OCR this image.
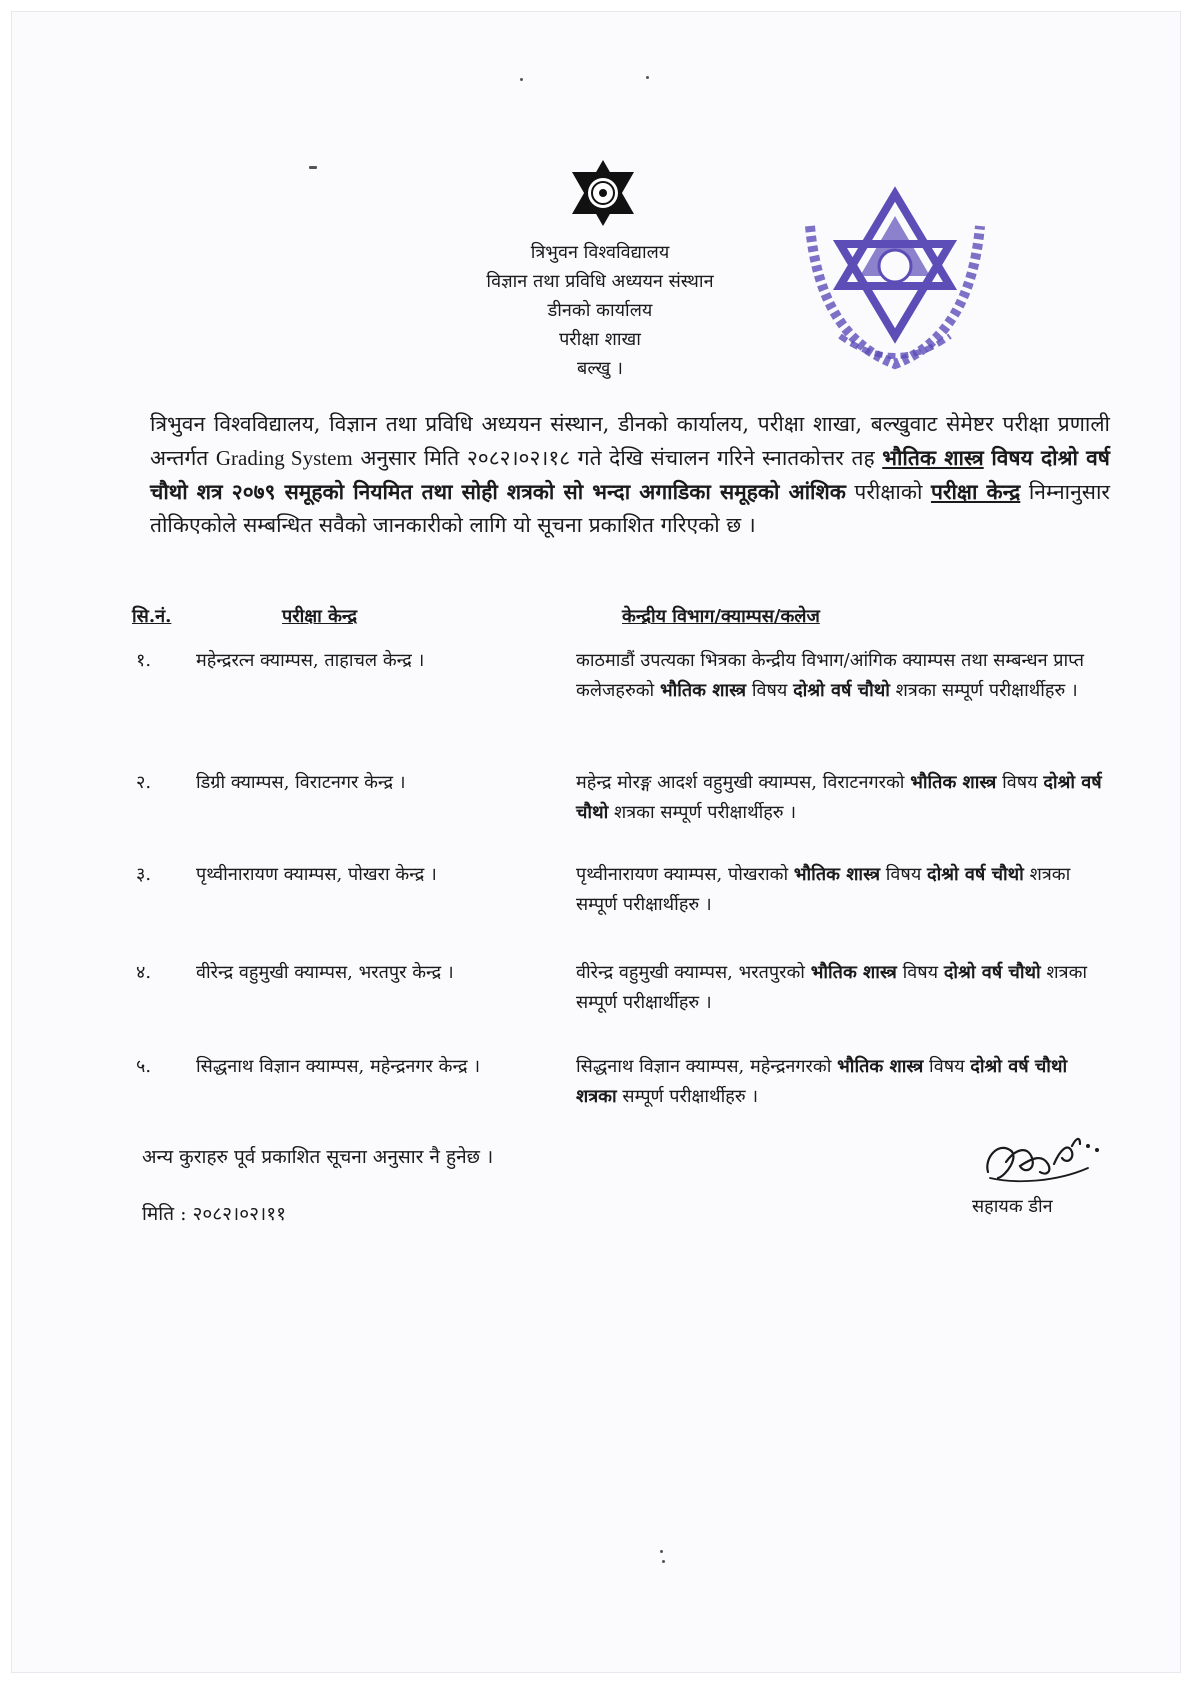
त्रिभुवन विश्वविद्यालय
विज्ञान तथा प्रविधि अध्ययन संस्थान
डीनको कार्यालय
परीक्षा शाखा
बल्खु ।
त्रिभुवन विश्वविद्यालय, विज्ञान तथा प्रविधि अध्ययन संस्थान, डीनको कार्यालय, परीक्षा शाखा, बल्खुवाट सेमेष्टर परीक्षा प्रणाली अन्तर्गत Grading System अनुसार मिति २०८२।०२।१८ गते देखि संचालन गरिने स्नातकोत्तर तह भौतिक शास्त्र विषय दोश्रो वर्ष चौथो शत्र २०७९ समूहको नियमित तथा सोही शत्रको सो भन्दा अगाडिका समूहको आंशिक परीक्षाको परीक्षा केन्द्र निम्नानुसार तोकिएकोले सम्बन्धित सवैको जानकारीको लागि यो सूचना प्रकाशित गरिएको छ ।
सि.नं.	परीक्षा केन्द्र	केन्द्रीय विभाग/क्याम्पस/कलेज
१. महेन्द्ररत्न क्याम्पस, ताहाचल केन्द्र ।	काठमाडौं उपत्यका भित्रका केन्द्रीय विभाग/आंगिक क्याम्पस तथा सम्बन्धन प्राप्त कलेजहरुको भौतिक शास्त्र विषय दोश्रो वर्ष चौथो शत्रका सम्पूर्ण परीक्षार्थीहरु ।
२. डिग्री क्याम्पस, विराटनगर केन्द्र ।	महेन्द्र मोरङ्ग आदर्श वहुमुखी क्याम्पस, विराटनगरको भौतिक शास्त्र विषय दोश्रो वर्ष चौथो शत्रका सम्पूर्ण परीक्षार्थीहरु ।
३. पृथ्वीनारायण क्याम्पस, पोखरा केन्द्र ।	पृथ्वीनारायण क्याम्पस, पोखराको भौतिक शास्त्र विषय दोश्रो वर्ष चौथो शत्रका सम्पूर्ण परीक्षार्थीहरु ।
४. वीरेन्द्र वहुमुखी क्याम्पस, भरतपुर केन्द्र ।	वीरेन्द्र वहुमुखी क्याम्पस, भरतपुरको भौतिक शास्त्र विषय दोश्रो वर्ष चौथो शत्रका सम्पूर्ण परीक्षार्थीहरु ।
५. सिद्धनाथ विज्ञान क्याम्पस, महेन्द्रनगर केन्द्र ।	सिद्धनाथ विज्ञान क्याम्पस, महेन्द्रनगरको भौतिक शास्त्र विषय दोश्रो वर्ष चौथो शत्रका सम्पूर्ण परीक्षार्थीहरु ।
अन्य कुराहरु पूर्व प्रकाशित सूचना अनुसार नै हुनेछ ।
मिति : २०८२।०२।११	सहायक डीन
